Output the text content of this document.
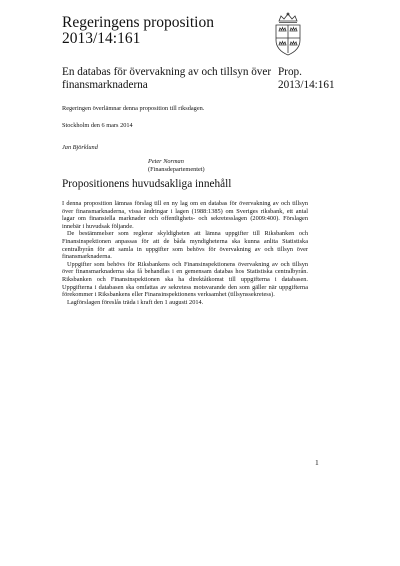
Regeringens proposition
2013/14:161
En databas för övervakning av och tillsyn över
finansmarknaderna
Prop.
2013/14:161
Regeringen överlämnar denna proposition till riksdagen.
Stockholm den 6 mars 2014
Jan Björklund
Peter Norman
(Finansdepartementet)
Propositionens huvudsakliga innehåll

I denna proposition lämnas förslag till en ny lag om en databas för övervakning av och tillsyn över finansmarknaderna, vissa ändringar i lagen (1988:1385) om Sveriges riksbank, ett antal lagar om finansiella marknader och offentlighets- och sekretesslagen (2009:400). Förslagen innebär i huvudsak följande.

De bestämmelser som reglerar skyldigheten att lämna uppgifter till Riksbanken och Finansinspektionen anpassas för att de båda myndigheterna ska kunna anlita Statistiska centralbyrån för att samla in uppgifter som behövs för övervakning av och tillsyn över finansmarknaderna.

Uppgifter som behövs för Riksbankens och Finansinspektionens övervakning av och tillsyn över finansmarknaderna ska få behandlas i en gemensam databas hos Statistiska centralbyrån. Riksbanken och Finansinspektionen ska ha direktåtkomst till uppgifterna i databasen. Uppgifterna i databasen ska omfattas av sekretess motsvarande den som gäller när uppgifterna förekommer i Riksbankens eller Finansinspektionens verksamhet (tillsynssekretess).

Lagförslagen föreslås träda i kraft den 1 augusti 2014.

1
